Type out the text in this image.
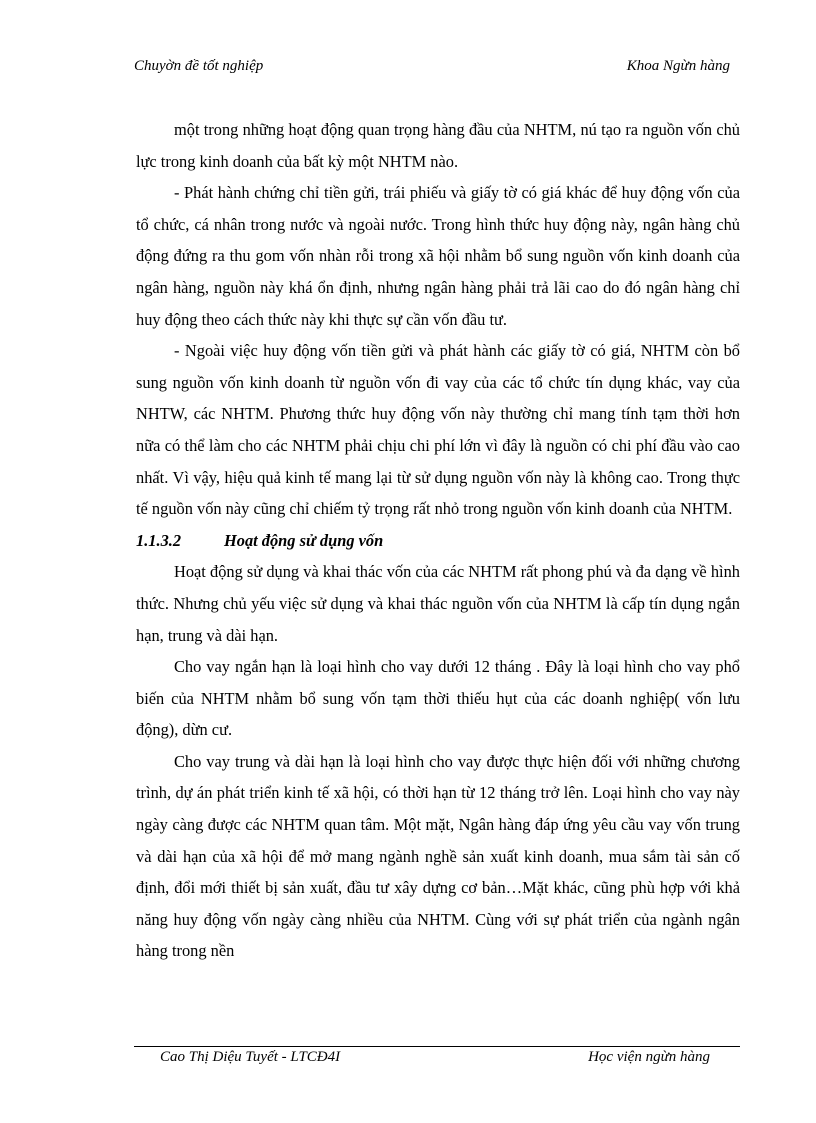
Chuyờn đề tốt nghiệp	Khoa Ngừn hàng

một trong những hoạt động quan trọng hàng đầu của NHTM, nú tạo ra nguồn vốn chủ lực trong kinh doanh của bất kỳ một NHTM nào.

- Phát hành chứng chỉ tiền gửi, trái phiếu và giấy tờ có giá khác để huy động vốn của tổ chức, cá nhân trong nước và ngoài nước. Trong hình thức huy động này, ngân hàng chủ động đứng ra thu gom vốn nhàn rỗi trong xã hội nhằm bổ sung nguồn vốn kinh doanh của ngân hàng, nguồn này khá ổn định, nhưng ngân hàng phải trả lãi cao do đó ngân hàng chỉ huy động theo cách thức này khi thực sự cần vốn đầu tư.

- Ngoài việc huy động vốn tiền gửi và phát hành các giấy tờ có giá, NHTM còn bổ sung nguồn vốn kinh doanh từ nguồn vốn đi vay của các tổ chức tín dụng khác, vay của NHTW, các NHTM. Phương thức huy động vốn này thường chỉ mang tính tạm thời hơn nữa có thể làm cho các NHTM phải chịu chi phí lớn vì đây là nguồn có chi phí đầu vào cao nhất. Vì vậy, hiệu quả kinh tế mang lại từ sử dụng nguồn vốn này là không cao. Trong thực tế nguồn vốn này cũng chỉ chiếm tỷ trọng rất nhỏ trong nguồn vốn kinh doanh của NHTM.

1.1.3.2	Hoạt động sử dụng vốn

Hoạt động sử dụng và khai thác vốn của các NHTM rất phong phú và đa dạng về hình thức. Nhưng chủ yếu việc sử dụng và khai thác nguồn vốn của NHTM là cấp tín dụng ngắn hạn, trung và dài hạn.

Cho vay ngắn hạn là loại hình cho vay dưới 12 tháng . Đây là loại hình cho vay phổ biến của NHTM nhằm bổ sung vốn tạm thời thiếu hụt của các doanh nghiệp( vốn lưu động), dừn cư.

Cho vay trung và dài hạn là loại hình cho vay được thực hiện đối với những chương trình, dự án phát triển kinh tế xã hội, có thời hạn từ 12 tháng trở lên. Loại hình cho vay này ngày càng được các NHTM quan tâm. Một mặt, Ngân hàng đáp ứng yêu cầu vay vốn trung và dài hạn của xã hội để mở mang ngành nghề sản xuất kinh doanh, mua sắm tài sản cố định, đổi mới thiết bị sản xuất, đầu tư xây dựng cơ bản…Mặt khác, cũng phù hợp với khả năng huy động vốn ngày càng nhiều của NHTM. Cùng với sự phát triển của ngành ngân hàng trong nền

Cao Thị Diệu Tuyết - LTCĐ4I	Học viện ngừn hàng
